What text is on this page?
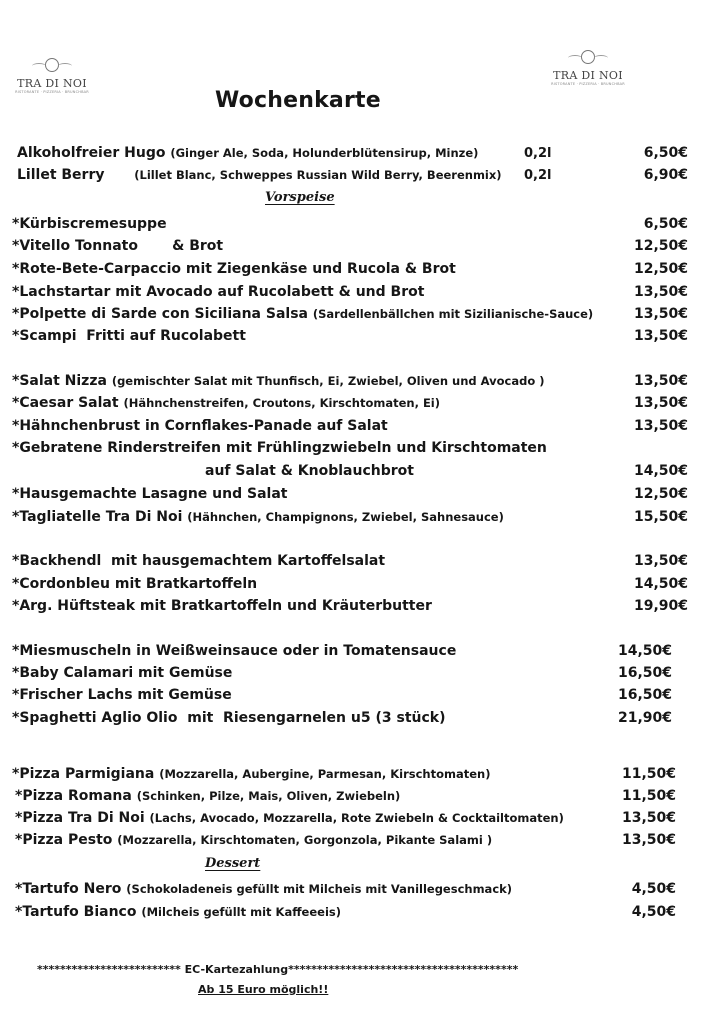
TRA DI NOI
RISTORANTE · PIZZERIA · BRUNCHBAR
TRA DI NOI
RISTORANTE · PIZZERIA · BRUNCHBAR
Wochenkarte
Alkoholfreier Hugo (Ginger Ale, Soda, Holunderblütensirup, Minze)	0,2l	6,50€
Lillet Berry	(Lillet Blanc, Schweppes Russian Wild Berry, Beerenmix) 0,2l	6,90€
Vorspeise
*Kürbiscremesuppe	6,50€
*Vitello Tonnato       & Brot	12,50€
*Rote-Bete-Carpaccio mit Ziegenkäse und Rucola & Brot	12,50€
*Lachstartar mit Avocado auf Rucolabett & und Brot	13,50€
*Polpette di Sarde con Siciliana Salsa (Sardellenbällchen mit Sizilianische-Sauce)	13,50€
*Scampi  Fritti auf Rucolabett	13,50€
*Salat Nizza (gemischter Salat mit Thunfisch, Ei, Zwiebel, Oliven und Avocado )	13,50€
*Caesar Salat (Hähnchenstreifen, Croutons, Kirschtomaten, Ei)	13,50€
*Hähnchenbrust in Cornflakes-Panade auf Salat	13,50€
*Gebratene Rinderstreifen mit Frühlingzwiebeln und Kirschtomaten
auf Salat & Knoblauchbrot	14,50€
*Hausgemachte Lasagne und Salat	12,50€
*Tagliatelle Tra Di Noi (Hähnchen, Champignons, Zwiebel, Sahnesauce)	15,50€
*Backhendl  mit hausgemachtem Kartoffelsalat	13,50€
*Cordonbleu mit Bratkartoffeln	14,50€
*Arg. Hüftsteak mit Bratkartoffeln und Kräuterbutter	19,90€
*Miesmuscheln in Weißweinsauce oder in Tomatensauce	14,50€
*Baby Calamari mit Gemüse	16,50€
*Frischer Lachs mit Gemüse	16,50€
*Spaghetti Aglio Olio  mit  Riesengarnelen u5 (3 stück)	21,90€
*Pizza Parmigiana (Mozzarella, Aubergine, Parmesan, Kirschtomaten)	11,50€
*Pizza Romana (Schinken, Pilze, Mais, Oliven, Zwiebeln)	11,50€
*Pizza Tra Di Noi (Lachs, Avocado, Mozzarella, Rote Zwiebeln & Cocktailtomaten)	13,50€
*Pizza Pesto (Mozzarella, Kirschtomaten, Gorgonzola, Pikante Salami )	13,50€
Dessert
*Tartufo Nero (Schokoladeneis gefüllt mit Milcheis mit Vanillegeschmack)	4,50€
*Tartufo Bianco (Milcheis gefüllt mit Kaffeeeis)	4,50€
************************* EC-Kartezahlung****************************************
Ab 15 Euro möglich!!
